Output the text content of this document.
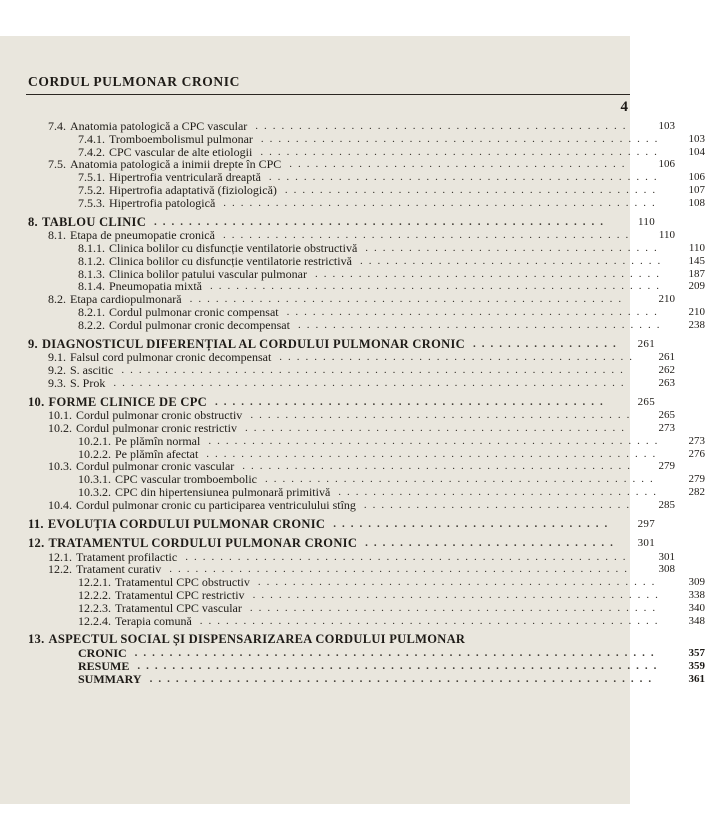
CORDUL PULMONAR CRONIC
4
7.4. Anatomia patologică a CPC vascular	103
...........................................
7.4.1. Tromboembolismul pulmonar	103
..............................................
7.4.2. CPC vascular de alte etiologii	104
..............................................
7.5. Anatomia patologică a inimii drepte în CPC	106
.......................................
7.5.1. Hipertrofia ventriculară dreaptă	106
.............................................
7.5.2. Hipertrofia adaptativă (fiziologică)	107
...........................................
7.5.3. Hipertrofia patologică	108
..................................................
8. TABLOU CLINIC	110
....................................................
8.1. Etapa de pneumopatie cronică	110
...............................................
8.1.1. Clinica bolilor cu disfuncție ventilatorie obstructivă	110
..................................
8.1.2. Clinica bolilor cu disfuncție ventilatorie restrictivă	145
...................................
8.1.3. Clinica bolilor patului vascular pulmonar	187
........................................
8.1.4. Pneumopatia mixtă	209
....................................................
8.2. Etapa cardiopulmonară	210
..................................................
8.2.1. Cordul pulmonar cronic compensat	210
...........................................
8.2.2. Cordul pulmonar cronic decompensat	238
..........................................
9. DIAGNOSTICUL DIFERENȚIAL AL CORDULUI PULMONAR CRONIC	261
.................
9.1. Falsul cord pulmonar cronic decompensat	261
.........................................
9.2. S. ascitic	262
..........................................................
9.3. S. Prok	263
...........................................................
10. FORME CLINICE DE CPC	265
.............................................
10.1. Cordul pulmonar cronic obstructiv	265
............................................
10.2. Cordul pulmonar cronic restrictiv	273
............................................
10.2.1. Pe plămîn normal	273
....................................................
10.2.2. Pe plămîn afectat	276
....................................................
10.3. Cordul pulmonar cronic vascular	279
.............................................
10.3.1. CPC vascular tromboembolic	279
.............................................
10.3.2. CPC din hipertensiunea pulmonară primitivă	282
.....................................
10.4. Cordul pulmonar cronic cu participarea ventriculului stîng	285
...............................
11. EVOLUȚIA CORDULUI PULMONAR CRONIC	297
................................
12. TRATAMENTUL CORDULUI PULMONAR CRONIC	301
.............................
12.1. Tratament profilactic	301
...................................................
12.2. Tratament curativ	308
.....................................................
12.2.1. Tratamentul CPC obstructiv	309
..............................................
12.2.2. Tratamentul CPC restrictiv	338
...............................................
12.2.3. Tratamentul CPC vascular	340
...............................................
12.2.4. Terapia comună	348
.....................................................
13. ASPECTUL SOCIAL ȘI DISPENSARIZAREA CORDULUI PULMONAR
CRONIC	357
............................................................
RESUME	359
............................................................
SUMMARY	361
..........................................................
